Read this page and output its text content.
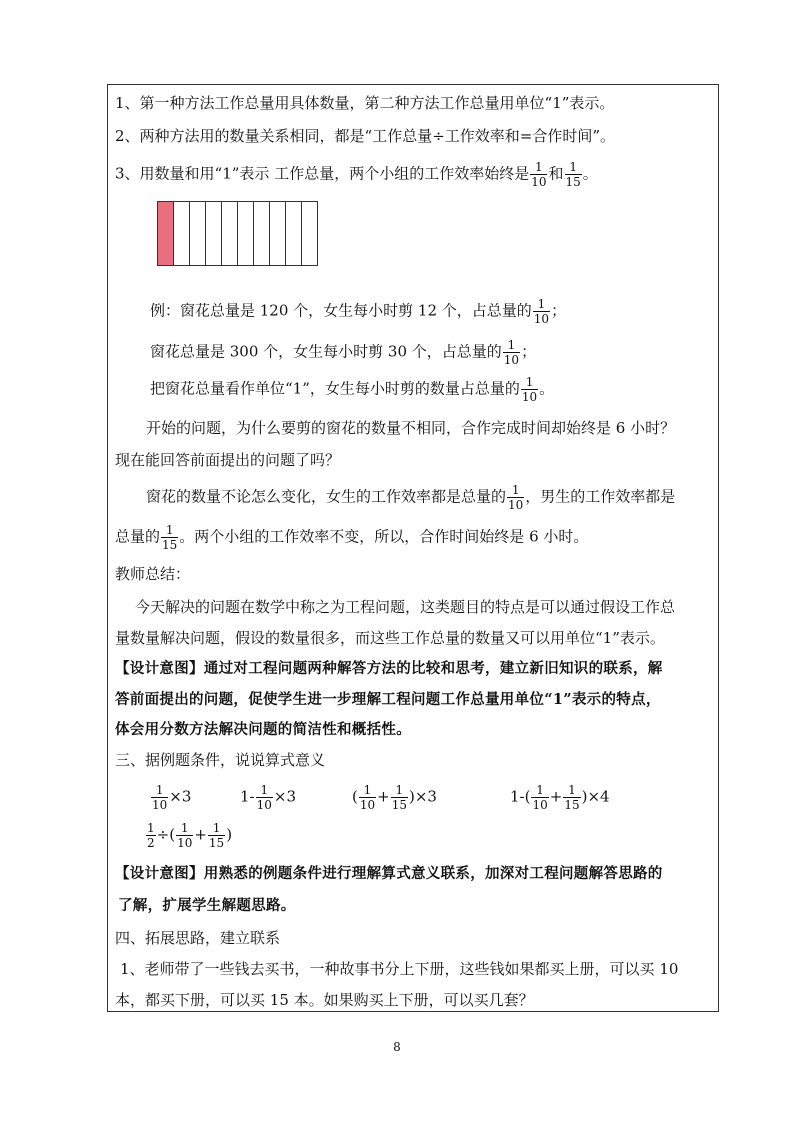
1、第一种方法工作总量用具体数量，第二种方法工作总量用单位“1”表示。
2、两种方法用的数量关系相同，都是“工作总量÷工作效率和=合作时间”。
3、用数量和用“1”表示 工作总量，两个小组的工作效率始终是 $\frac{1}{10}$ 和 $\frac{1}{15}$ 。
例：窗花总量是 120 个，女生每小时剪 12 个，占总量的 $\frac{1}{10}$ ；
窗花总量是 300 个，女生每小时剪 30 个，占总量的 $\frac{1}{10}$ ；
把窗花总量看作单位“1”，女生每小时剪的数量占总量的 $\frac{1}{10}$ 。
开始的问题，为什么要剪的窗花的数量不相同，合作完成时间却始终是 6 小时？
现在能回答前面提出的问题了吗？
窗花的数量不论怎么变化，女生的工作效率都是总量的 $\frac{1}{10}$ ，男生的工作效率都是
总量的 $\frac{1}{15}$ 。两个小组的工作效率不变，所以，合作时间始终是 6 小时。
教师总结：
今天解决的问题在数学中称之为工程问题，这类题目的特点是可以通过假设工作总
量数量解决问题，假设的数量很多，而这些工作总量的数量又可以用单位“1”表示。
【设计意图】通过对工程问题两种解答方法的比较和思考，建立新旧知识的联系，解
答前面提出的问题，促使学生进一步理解工程问题工作总量用单位“1”表示的特点，
体会用分数方法解决问题的简洁性和概括性。
三、据例题条件，说说算式意义
$\frac{1}{10} \times 3$	$1- \frac{1}{10} \times 3$	( $\frac{1}{10} + \frac{1}{15} )\times 3$	$1-( \frac{1}{10} + \frac{1}{15} )\times 4$
$\frac{1}{2}$ ÷( $\frac{1}{10} + \frac{1}{15}$ )
【设计意图】用熟悉的例题条件进行理解算式意义联系，加深对工程问题解答思路的
了解，扩展学生解题思路。
四、拓展思路，建立联系
1、老师带了一些钱去买书，一种故事书分上下册，这些钱如果都买上册，可以买 10
本，都买下册，可以买 15 本。如果购买上下册，可以买几套？
8
